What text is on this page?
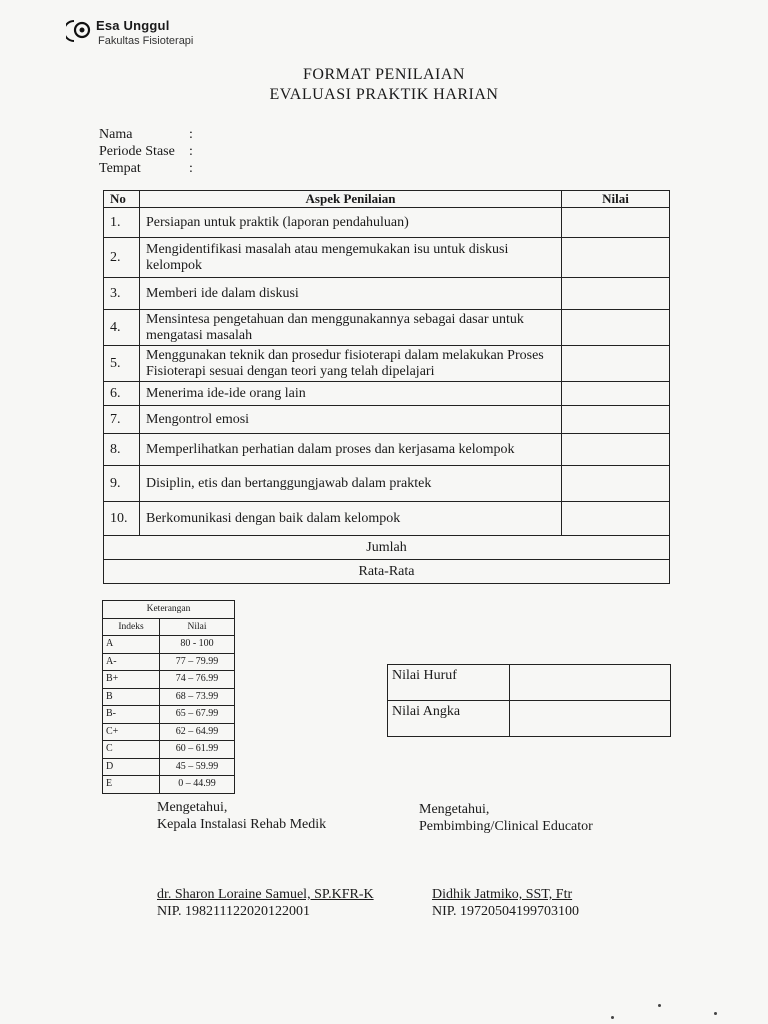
Esa Unggul
Fakultas Fisioterapi
FORMAT PENILAIAN
EVALUASI PRAKTIK HARIAN
Nama	:
Periode Stase	:
Tempat	:
No	Aspek Penilaian	Nilai
1.	Persiapan untuk praktik (laporan pendahuluan)	
2.	Mengidentifikasi masalah atau mengemukakan isu untuk diskusi kelompok	
3.	Memberi ide dalam diskusi	
4.	Mensintesa pengetahuan dan menggunakannya sebagai dasar untuk mengatasi masalah	
5.	Menggunakan teknik dan prosedur fisioterapi dalam melakukan Proses Fisioterapi sesuai dengan teori yang telah dipelajari	
6.	Menerima ide-ide orang lain	
7.	Mengontrol emosi	
8.	Memperlihatkan perhatian dalam proses dan kerjasama kelompok	
9.	Disiplin, etis dan bertanggungjawab dalam praktek	
10.	Berkomunikasi dengan baik dalam kelompok	
Jumlah		
Rata-Rata		
Keterangan	
Indeks	Nilai
A	80 - 100
A-	77 – 79.99
B+	74 – 76.99
B	68 – 73.99
B-	65 – 67.99
C+	62 – 64.99
C	60 – 61.99
D	45 – 59.99
E	0 – 44.99
Nilai Huruf	
Nilai Angka	
Mengetahui,
Kepala Instalasi Rehab Medik
Mengetahui,
Pembimbing/Clinical Educator
dr. Sharon Loraine Samuel, SP.KFR-K
NIP. 198211122020122001
Didhik Jatmiko, SST, Ftr
NIP. 19720504199703100
